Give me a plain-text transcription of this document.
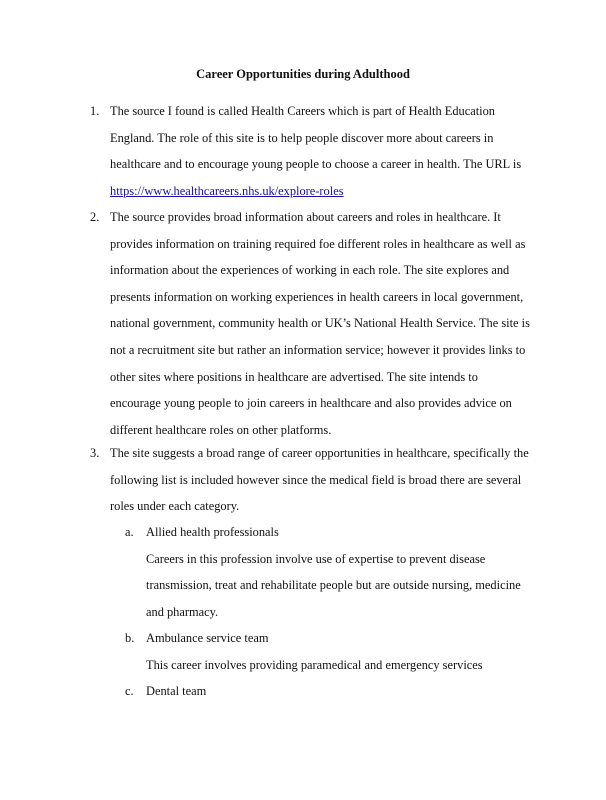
Career Opportunities during Adulthood
1. The source I found is called Health Careers which is part of Health Education England. The role of this site is to help people discover more about careers in healthcare and to encourage young people to choose a career in health. The URL is
https://www.healthcareers.nhs.uk/explore-roles
2. The source provides broad information about careers and roles in healthcare. It provides information on training required foe different roles in healthcare as well as information about the experiences of working in each role. The site explores and presents information on working experiences in health careers in local government, national government, community health or UK’s National Health Service. The site is not a recruitment site but rather an information service; however it provides links to other sites where positions in healthcare are advertised. The site intends to encourage young people to join careers in healthcare and also provides advice on different healthcare roles on other platforms.
3. The site suggests a broad range of career opportunities in healthcare, specifically the following list is included however since the medical field is broad there are several roles under each category.
a. Allied health professionals
Careers in this profession involve use of expertise to prevent disease transmission, treat and rehabilitate people but are outside nursing, medicine and pharmacy.
b. Ambulance service team
This career involves providing paramedical and emergency services
c. Dental team
